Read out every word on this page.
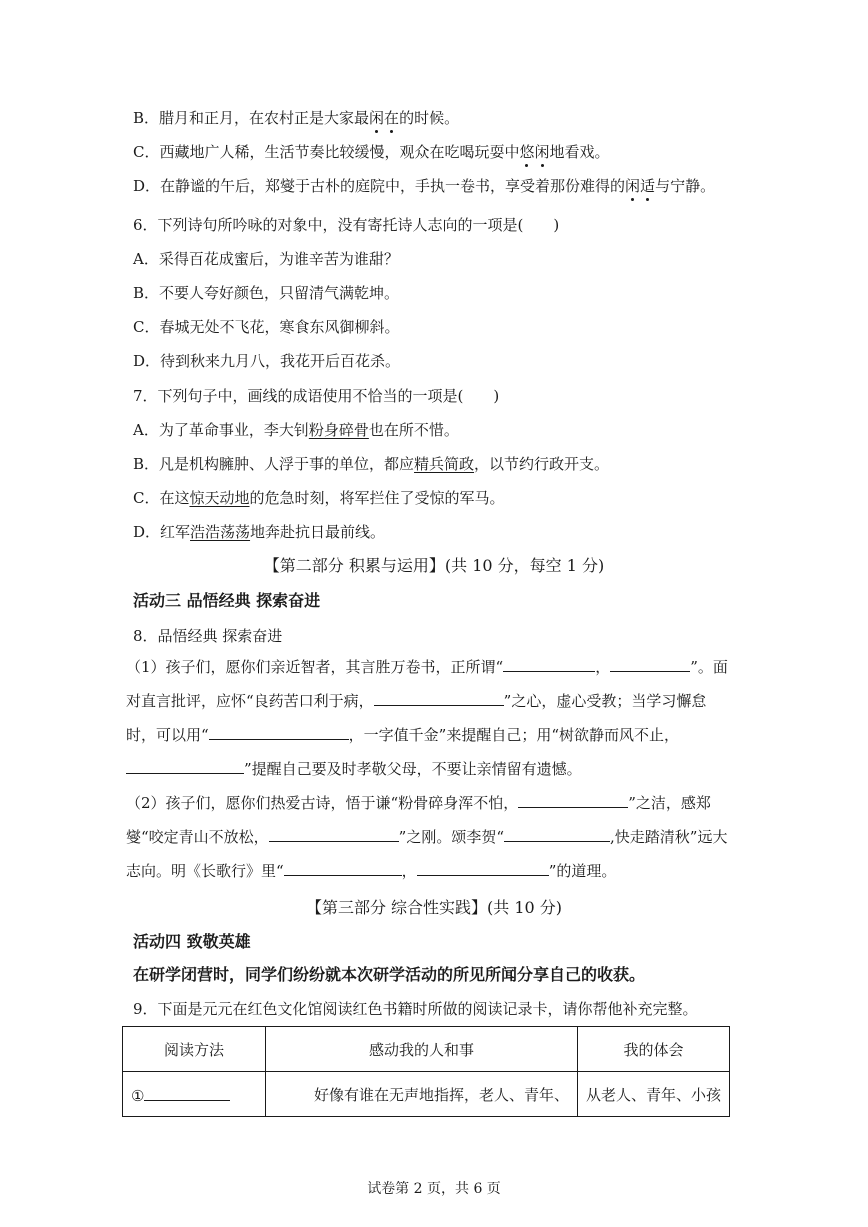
B．腊月和正月，在农村正是大家最闲在的时候。
C．西藏地广人稀，生活节奏比较缓慢，观众在吃喝玩耍中悠闲地看戏。
D．在静谧的午后，郑燮于古朴的庭院中，手执一卷书，享受着那份难得的闲适与宁静。
6．下列诗句所吟咏的对象中，没有寄托诗人志向的一项是(　　)
A．采得百花成蜜后，为谁辛苦为谁甜？
B．不要人夸好颜色，只留清气满乾坤。
C．春城无处不飞花，寒食东风御柳斜。
D．待到秋来九月八，我花开后百花杀。
7．下列句子中，画线的成语使用不恰当的一项是(　　)
A．为了革命事业，李大钊粉身碎骨也在所不惜。
B．凡是机构臃肿、人浮于事的单位，都应精兵简政，以节约行政开支。
C．在这惊天动地的危急时刻，将军拦住了受惊的军马。
D．红军浩浩荡荡地奔赴抗日最前线。
【第二部分 积累与运用】(共 10 分，每空 1 分)
活动三 品悟经典 探索奋进
8．品悟经典 探索奋进
（1）孩子们，愿你们亲近智者，其言胜万卷书，正所谓“	，	”。面对直言批评，应怀“良药苦口利于病，	”之心，虚心受教；当学习懈怠时，可以用“	，一字值千金”来提醒自己；用“树欲静而风不止，”提醒自己要及时孝敬父母，不要让亲情留有遗憾。
（2）孩子们，愿你们热爱古诗，悟于谦“粉骨碎身浑不怕，	”之洁，感郑燮“咬定青山不放松，	”之刚。颂李贺“	,快走踏清秋”远大志向。明《长歌行》里“	，	”的道理。
【第三部分 综合性实践】(共 10 分)
活动四 致敬英雄
在研学闭营时，同学们纷纷就本次研学活动的所见所闻分享自己的收获。
9．下面是元元在红色文化馆阅读红色书籍时所做的阅读记录卡，请你帮他补充完整。
阅读方法	感动我的人和事	我的体会
①	好像有谁在无声地指挥，老人、青年、	从老人、青年、小孩
试卷第 2 页，共 6 页
